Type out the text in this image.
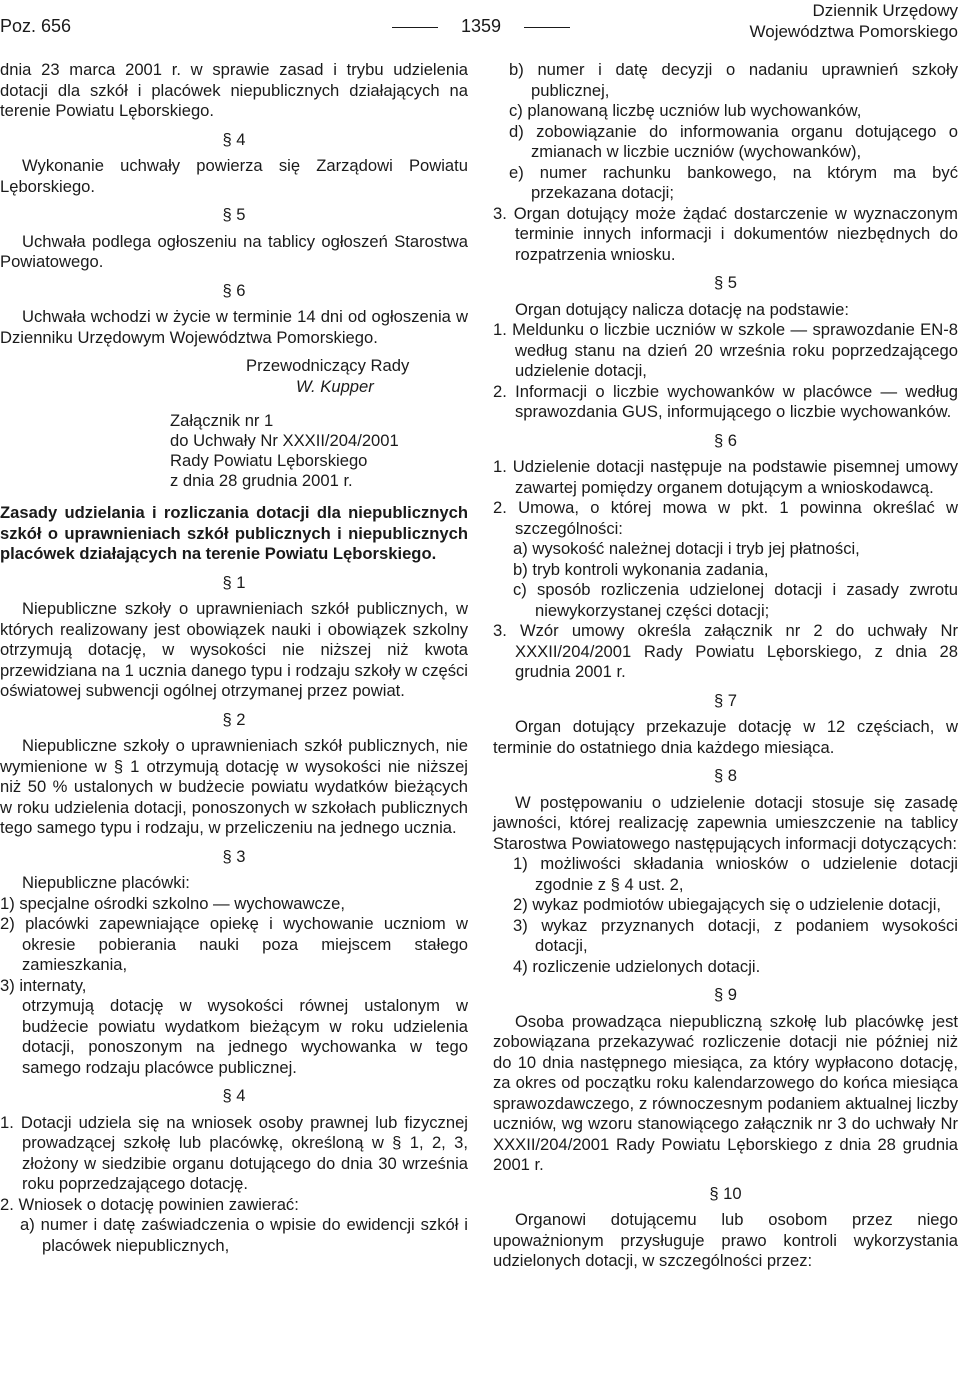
Poz. 656	1359
Dziennik Urzędowy
Województwa Pomorskiego

dnia 23 marca 2001 r. w sprawie zasad i trybu udzielenia dotacji dla szkół i placówek niepublicznych działających na terenie Powiatu Lęborskiego.

§ 4

Wykonanie uchwały powierza się Zarządowi Powiatu Lęborskiego.

§ 5

Uchwała podlega ogłoszeniu na tablicy ogłoszeń Starostwa Powiatowego.

§ 6

Uchwała wchodzi w życie w terminie 14 dni od ogłoszenia w Dzienniku Urzędowym Województwa Pomorskiego.

Przewodniczący Rady
W. Kupper
Załącznik nr 1
do Uchwały Nr XXXII/204/2001
Rady Powiatu Lęborskiego
z dnia 28 grudnia 2001 r.

Zasady udzielania i rozliczania dotacji dla niepublicznych szkół o uprawnieniach szkół publicznych i niepublicznych placówek działających na terenie Powiatu Lęborskiego.

§ 1

Niepubliczne szkoły o uprawnieniach szkół publicznych, w których realizowany jest obowiązek nauki i obowiązek szkolny otrzymują dotację, w wysokości nie niższej niż kwota przewidziana na 1 ucznia danego typu i rodzaju szkoły w części oświatowej subwencji ogólnej otrzymanej przez powiat.

§ 2

Niepubliczne szkoły o uprawnieniach szkół publicznych, nie wymienione w § 1 otrzymują dotację w wysokości nie niższej niż 50 % ustalonych w budżecie powiatu wydatków bieżących w roku udzielenia dotacji, ponoszonych w szkołach publicznych tego samego typu i rodzaju, w przeliczeniu na jednego ucznia.

§ 3

Niepubliczne placówki:

1) specjalne ośrodki szkolno — wychowawcze,

2) placówki zapewniające opiekę i wychowanie uczniom w okresie pobierania nauki poza miejscem stałego zamieszkania,

3) internaty,

otrzymują dotację w wysokości równej ustalonym w budżecie powiatu wydatkom bieżącym w roku udzielenia dotacji, ponoszonym na jednego wychowanka w tego samego rodzaju placówce publicznej.

§ 4

1. Dotacji udziela się na wniosek osoby prawnej lub fizycznej prowadzącej szkołę lub placówkę, określoną w § 1, 2, 3, złożony w siedzibie organu dotującego do dnia 30 września roku poprzedzającego dotację.

2. Wniosek o dotację powinien zawierać:

a) numer i datę zaświadczenia o wpisie do ewidencji szkół i placówek niepublicznych,

b) numer i datę decyzji o nadaniu uprawnień szkoły publicznej,

c) planowaną liczbę uczniów lub wychowanków,

d) zobowiązanie do informowania organu dotującego o zmianach w liczbie uczniów (wychowanków),

e) numer rachunku bankowego, na którym ma być przekazana dotacji;

3. Organ dotujący może żądać dostarczenie w wyznaczonym terminie innych informacji i dokumentów niezbędnych do rozpatrzenia wniosku.

§ 5

Organ dotujący nalicza dotację na podstawie:

1. Meldunku o liczbie uczniów w szkole — sprawozdanie EN-8 według stanu na dzień 20 września roku poprzedzającego udzielenie dotacji,

2. Informacji o liczbie wychowanków w placówce — według sprawozdania GUS, informującego o liczbie wychowanków.

§ 6

1. Udzielenie dotacji następuje na podstawie pisemnej umowy zawartej pomiędzy organem dotującym a wnioskodawcą.

2. Umowa, o której mowa w pkt. 1 powinna określać w szczególności:

a) wysokość należnej dotacji i tryb jej płatności,

b) tryb kontroli wykonania zadania,

c) sposób rozliczenia udzielonej dotacji i zasady zwrotu niewykorzystanej części dotacji;

3. Wzór umowy określa załącznik nr 2 do uchwały Nr XXXII/204/2001 Rady Powiatu Lęborskiego, z dnia 28 grudnia 2001 r.

§ 7

Organ dotujący przekazuje dotację w 12 częściach, w terminie do ostatniego dnia każdego miesiąca.

§ 8

W postępowaniu o udzielenie dotacji stosuje się zasadę jawności, której realizację zapewnia umieszczenie na tablicy Starostwa Powiatowego następujących informacji dotyczących:

1) możliwości składania wniosków o udzielenie dotacji zgodnie z § 4 ust. 2,

2) wykaz podmiotów ubiegających się o udzielenie dotacji,

3) wykaz przyznanych dotacji, z podaniem wysokości dotacji,

4) rozliczenie udzielonych dotacji.

§ 9

Osoba prowadząca niepubliczną szkołę lub placówkę jest zobowiązana przekazywać rozliczenie dotacji nie później niż do 10 dnia następnego miesiąca, za który wypłacono dotację, za okres od początku roku kalendarzowego do końca miesiąca sprawozdawczego, z równoczesnym podaniem aktualnej liczby uczniów, wg wzoru stanowiącego załącznik nr 3 do uchwały Nr XXXII/204/2001 Rady Powiatu Lęborskiego z dnia 28 grudnia 2001 r.

§ 10

Organowi dotującemu lub osobom przez niego upoważnionym przysługuje prawo kontroli wykorzystania udzielonych dotacji, w szczególności przez:
